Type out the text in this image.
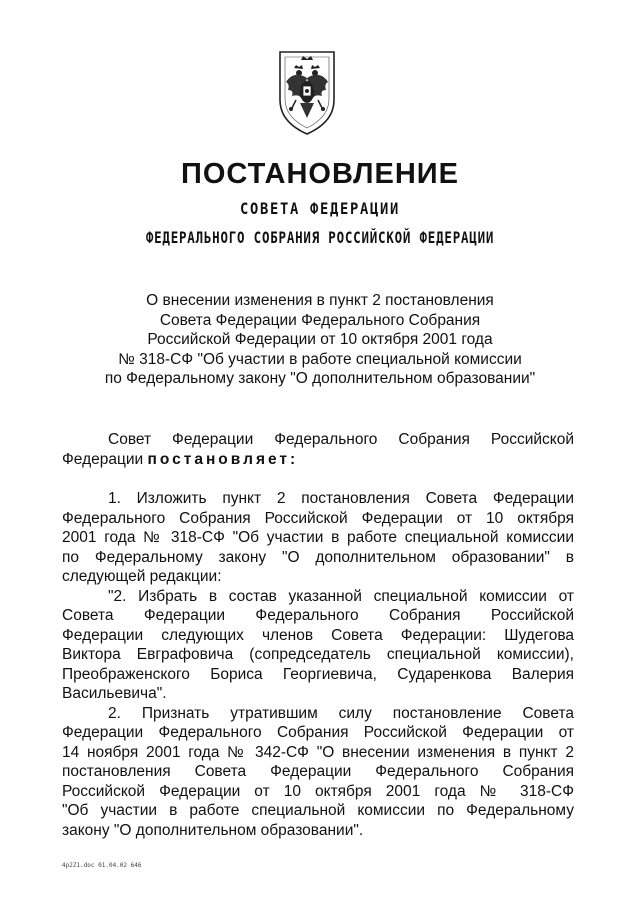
ПОСТАНОВЛЕНИЕ
СОВЕТА ФЕДЕРАЦИИ
ФЕДЕРАЛЬНОГО СОБРАНИЯ РОССИЙСКОЙ ФЕДЕРАЦИИ
О внесении изменения в пункт 2 постановления
Совета Федерации Федерального Собрания
Российской Федерации от 10 октября 2001 года
№ 318-СФ "Об участии в работе специальной комиссии
по Федеральному закону "О дополнительном образовании"
Совет Федерации Федерального Собрания Российской
Федерации постановляет:
1. Изложить пункт 2 постановления Совета Федерации
Федерального Собрания Российской Федерации от 10 октября
2001 года № 318-СФ "Об участии в работе специальной комиссии
по Федеральному закону "О дополнительном образовании" в
следующей редакции:
"2. Избрать в состав указанной специальной комиссии от
Совета Федерации Федерального Собрания Российской
Федерации следующих членов Совета Федерации: Шудегова
Виктора Евграфовича (сопредседатель специальной комиссии),
Преображенского Бориса Георгиевича, Сударенкова Валерия
Васильевича".
2. Признать утратившим силу постановление Совета
Федерации Федерального Собрания Российской Федерации от
14 ноября 2001 года № 342-СФ "О внесении изменения в пункт 2
постановления Совета Федерации Федерального Собрания
Российской Федерации от 10 октября 2001 года № 318-СФ
"Об участии в работе специальной комиссии по Федеральному
закону "О дополнительном образовании".
4p2Z1.doc 01.04.02 646
